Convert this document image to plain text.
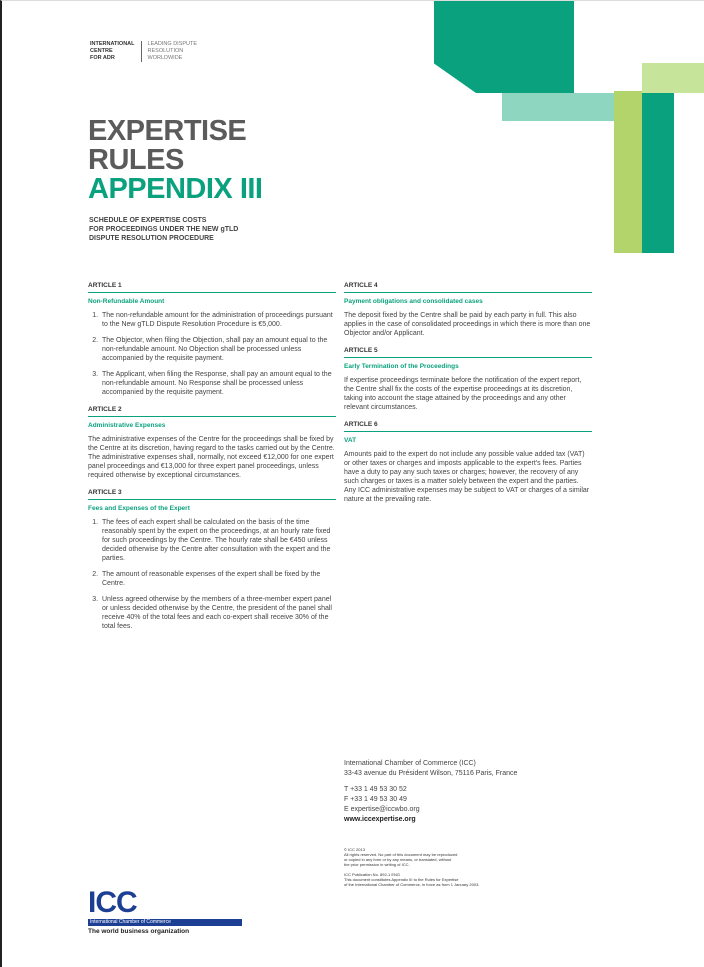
INTERNATIONAL
CENTRE
FOR ADR
LEADING DISPUTE
RESOLUTION
WORLDWIDE
EXPERTISE
RULES
APPENDIX III
SCHEDULE OF EXPERTISE COSTS
FOR PROCEEDINGS UNDER THE NEW gTLD
DISPUTE RESOLUTION PROCEDURE
ARTICLE 1
Non-Refundable Amount
1. The non-refundable amount for the administration of proceedings pursuant to the New gTLD Dispute Resolution Procedure is €5,000.
2. The Objector, when filing the Objection, shall pay an amount equal to the non-refundable amount. No Objection shall be processed unless accompanied by the requisite payment.
3. The Applicant, when filing the Response, shall pay an amount equal to the non-refundable amount. No Response shall be processed unless accompanied by the requisite payment.
ARTICLE 2
Administrative Expenses

The administrative expenses of the Centre for the proceedings shall be fixed by the Centre at its discretion, having regard to the tasks carried out by the Centre. The administrative expenses shall, normally, not exceed €12,000 for one expert panel proceedings and €13,000 for three expert panel proceedings, unless required otherwise by exceptional circumstances.

ARTICLE 3
Fees and Expenses of the Expert
1. The fees of each expert shall be calculated on the basis of the time reasonably spent by the expert on the proceedings, at an hourly rate fixed for such proceedings by the Centre. The hourly rate shall be €450 unless decided otherwise by the Centre after consultation with the expert and the parties.
2. The amount of reasonable expenses of the expert shall be fixed by the Centre.
3. Unless agreed otherwise by the members of a three-member expert panel or unless decided otherwise by the Centre, the president of the panel shall receive 40% of the total fees and each co-expert shall receive 30% of the total fees.
ARTICLE 4
Payment obligations and consolidated cases

The deposit fixed by the Centre shall be paid by each party in full. This also applies in the case of consolidated proceedings in which there is more than one Objector and/or Applicant.

ARTICLE 5
Early Termination of the Proceedings

If expertise proceedings terminate before the notification of the expert report, the Centre shall fix the costs of the expertise proceedings at its discretion, taking into account the stage attained by the proceedings and any other relevant circumstances.

ARTICLE 6
VAT

Amounts paid to the expert do not include any possible value added tax (VAT) or other taxes or charges and imposts applicable to the expert's fees. Parties have a duty to pay any such taxes or charges; however, the recovery of any such charges or taxes is a matter solely between the expert and the parties. Any ICC administrative expenses may be subject to VAT or charges of a similar nature at the prevailing rate.

International Chamber of Commerce (ICC)
33-43 avenue du Président Wilson, 75116 Paris, France
T +33 1 49 53 30 52
F +33 1 49 53 30 49
E expertise@iccwbo.org
www.iccexpertise.org
© ICC 2013
All rights reserved. No part of this document may be reproduced
or copied in any form or by any means, or translated, without
the prior permission in writing of ICC.
ICC Publication No. 892-1 ENG
This document constitutes Appendix III to the Rules for Expertise
of the International Chamber of Commerce, in force as from 1 January 2003.
ICC
International Chamber of Commerce
The world business organization
